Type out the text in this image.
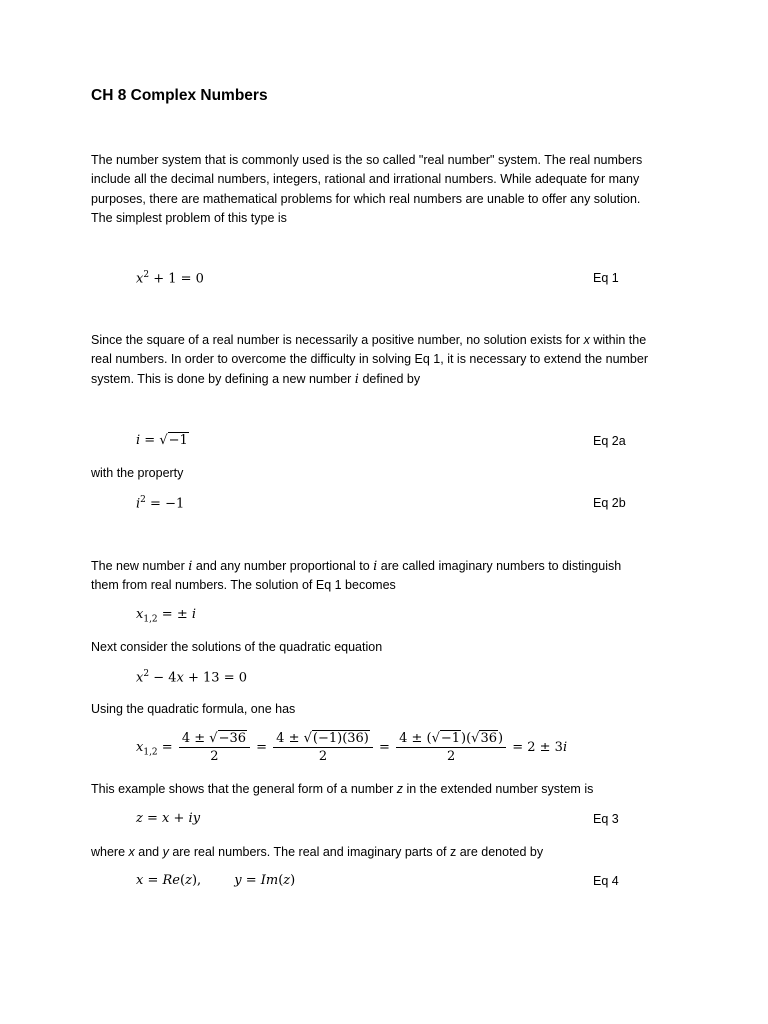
CH 8 Complex Numbers

The number system that is commonly used is the so called "real number" system. The real numbers

include all the decimal numbers, integers, rational and irrational numbers. While adequate for many

purposes, there are mathematical problems for which real numbers are unable to offer any solution.

The simplest problem of this type is

$x^2 + 1 = 0$	Eq 1

Since the square of a real number is necessarily a positive number, no solution exists for x within the

real numbers. In order to overcome the difficulty in solving Eq 1, it is necessary to extend the number

system. This is done by defining a new number i defined by

i = √−1	Eq 2a
with the property
$i^2 = -1$	Eq 2b

The new number i and any number proportional to i are called imaginary numbers to distinguish

them from real numbers. The solution of Eq 1 becomes

$x_{1,2}$ = ± i
Next consider the solutions of the quadratic equation
$x^2 - 4x + 13 = 0$
Using the quadratic formula, one has
$x_{1,2} = \frac{4 \pm √-36}{2} = \frac{4 \pm √(-1)(36)}{2} = \frac{4 \pm (√-1)(√36)}{2} = 2 \pm 3i$

This example shows that the general form of a number z in the extended number system is

z = x + iy	Eq 3

where x and y are real numbers. The real and imaginary parts of z are denoted by

x = Re(z),        y = Im(z)	Eq 4
